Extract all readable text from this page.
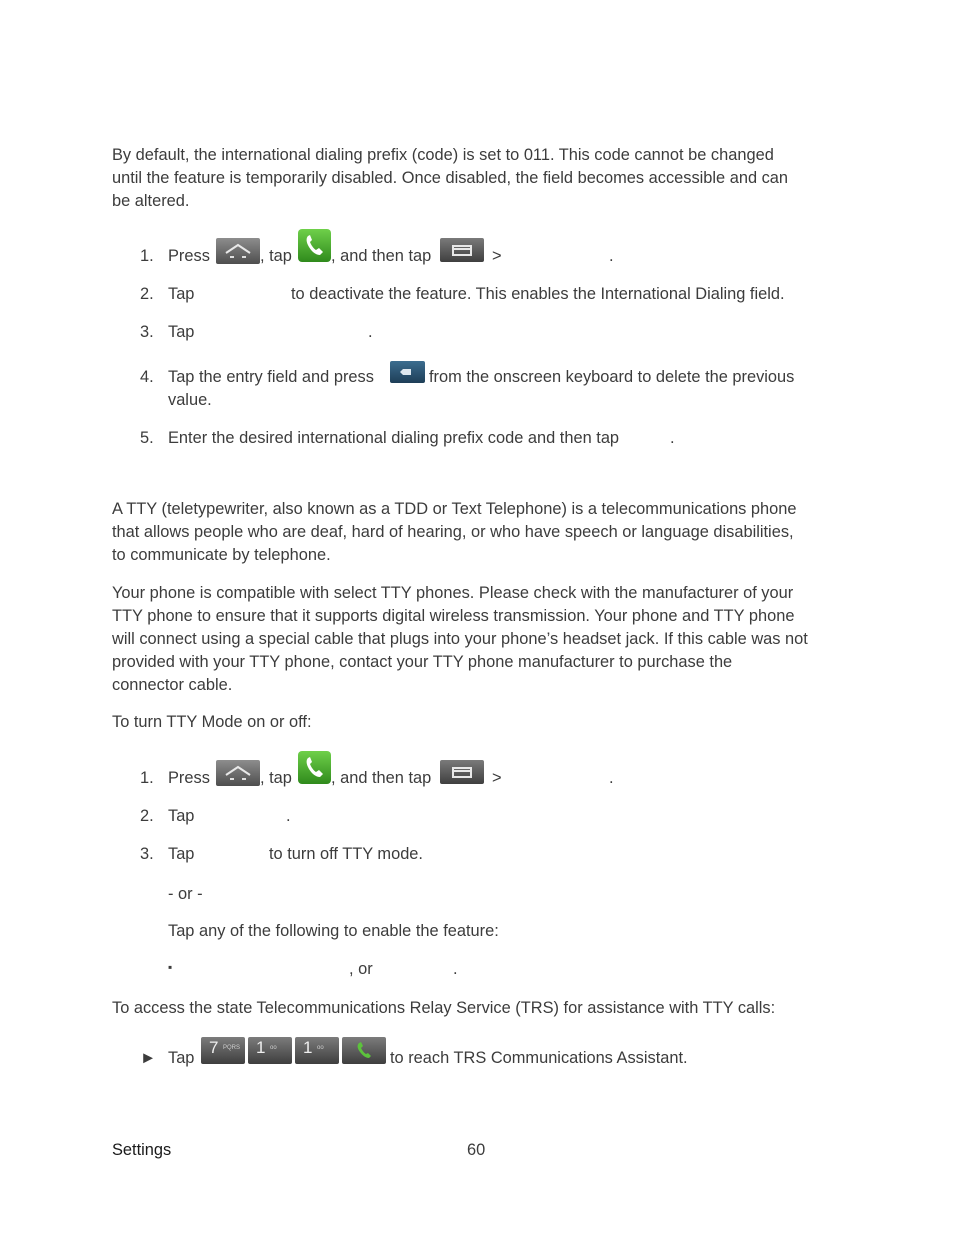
By default, the international dialing prefix (code) is set to 011. This code cannot be changed
until the feature is temporarily disabled. Once disabled, the field becomes accessible and can
be altered.
1. Press	, tap , and then tap	>	.
2. Tap	to deactivate the feature. This enables the International Dialing field.
3. Tap	.
4. Tap the entry field and press	from the onscreen keyboard to delete the previous
value.
5. Enter the desired international dialing prefix code and then tap	.
A TTY (teletypewriter, also known as a TDD or Text Telephone) is a telecommunications phone
that allows people who are deaf, hard of hearing, or who have speech or language disabilities,
to communicate by telephone.
Your phone is compatible with select TTY phones. Please check with the manufacturer of your
TTY phone to ensure that it supports digital wireless transmission. Your phone and TTY phone
will connect using a special cable that plugs into your phone’s headset jack. If this cable was not
provided with your TTY phone, contact your TTY phone manufacturer to purchase the
connector cable.
To turn TTY Mode on or off:
1. Press	, tap , and then tap	>	.
2. Tap	.
3. Tap	to turn off TTY mode.
- or -
Tap any of the following to enable the feature:
▪	, or	.
To access the state Telecommunications Relay Service (TRS) for assistance with TTY calls:
► Tap
7 PQRS 1 oo 1 oo
to reach TRS Communications Assistant.
Settings	60
